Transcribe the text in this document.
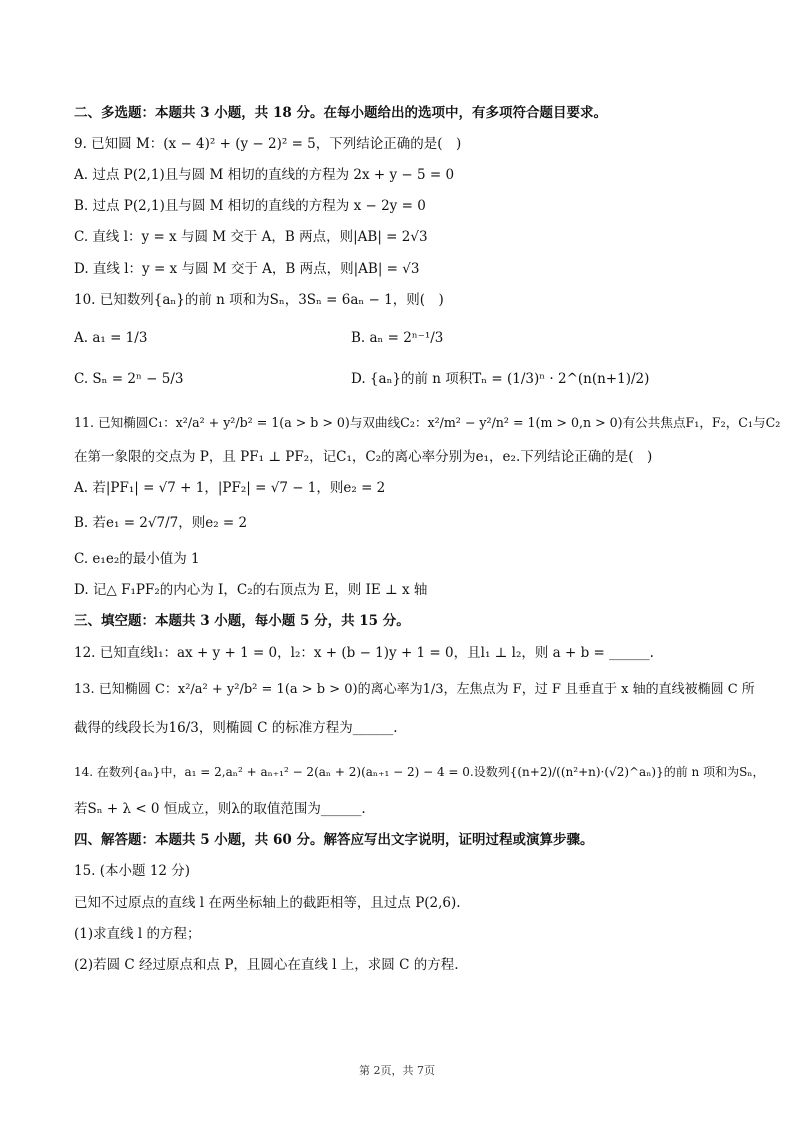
二、多选题：本题共 3 小题，共 18 分。在每小题给出的选项中，有多项符合题目要求。
9. 已知圆 M：(x − 4)² + (y − 2)² = 5，下列结论正确的是(　)
A. 过点 P(2,1)且与圆 M 相切的直线的方程为 2x + y − 5 = 0
B. 过点 P(2,1)且与圆 M 相切的直线的方程为 x − 2y = 0
C. 直线 l：y = x 与圆 M 交于 A，B 两点，则|AB| = 2√3
D. 直线 l：y = x 与圆 M 交于 A，B 两点，则|AB| = √3
10. 已知数列{aₙ}的前 n 项和为Sₙ，3Sₙ = 6aₙ − 1，则(　)
A. a₁ = 1/3	B. aₙ = 2ⁿ⁻¹/3
C. Sₙ = 2ⁿ − 5/3	D. {aₙ}的前 n 项积Tₙ = (1/3)ⁿ · 2^(n(n+1)/2)
11. 已知椭圆C₁：x²/a² + y²/b² = 1(a > b > 0)与双曲线C₂：x²/m² − y²/n² = 1(m > 0,n > 0)有公共焦点F₁，F₂，C₁与C₂
在第一象限的交点为 P，且 PF₁ ⊥ PF₂，记C₁，C₂的离心率分别为e₁，e₂.下列结论正确的是(　)
A. 若|PF₁| = √7 + 1，|PF₂| = √7 − 1，则e₂ = 2
B. 若e₁ = 2√7/7，则e₂ = 2
C. e₁e₂的最小值为 1
D. 记△ F₁PF₂的内心为 I，C₂的右顶点为 E，则 IE ⊥ x 轴
三、填空题：本题共 3 小题，每小题 5 分，共 15 分。
12. 已知直线l₁：ax + y + 1 = 0，l₂：x + (b − 1)y + 1 = 0，且l₁ ⊥ l₂，则 a + b = ______.
13. 已知椭圆 C：x²/a² + y²/b² = 1(a > b > 0)的离心率为1/3，左焦点为 F，过 F 且垂直于 x 轴的直线被椭圆 C 所
截得的线段长为16/3，则椭圆 C 的标准方程为______.
14. 在数列{aₙ}中，a₁ = 2,aₙ² + aₙ₊₁² − 2(aₙ + 2)(aₙ₊₁ − 2) − 4 = 0.设数列{(n+2)/((n²+n)·(√2)^aₙ)}的前 n 项和为Sₙ，
若Sₙ + λ < 0 恒成立，则λ的取值范围为______.
四、解答题：本题共 5 小题，共 60 分。解答应写出文字说明，证明过程或演算步骤。
15. (本小题 12 分)
已知不过原点的直线 l 在两坐标轴上的截距相等，且过点 P(2,6).
(1)求直线 l 的方程；
(2)若圆 C 经过原点和点 P，且圆心在直线 l 上，求圆 C 的方程.
第 2页，共 7页
